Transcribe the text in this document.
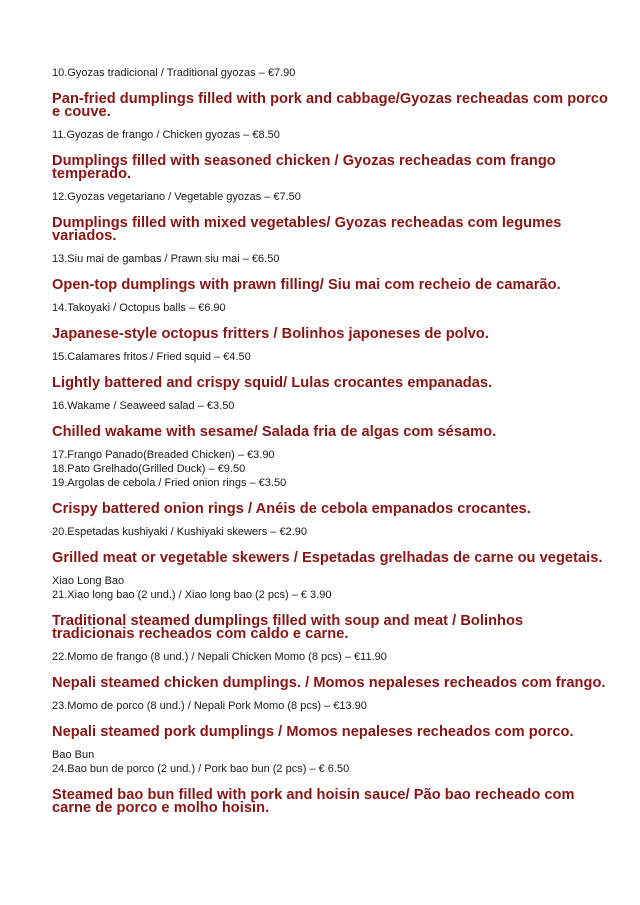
10.Gyozas tradicional / Traditional gyozas – €7.90

Pan-fried dumplings filled with pork and cabbage/Gyozas recheadas com porco e couve.

11.Gyozas de frango / Chicken gyozas – €8.50

Dumplings filled with seasoned chicken / Gyozas recheadas com frango temperado.

12.Gyozas vegetariano / Vegetable gyozas – €7.50

Dumplings filled with mixed vegetables/ Gyozas recheadas com legumes variados.

13.Siu mai de gambas / Prawn siu mai – €6.50

Open-top dumplings with prawn filling/ Siu mai com recheio de camarão.

14.Takoyaki / Octopus balls – €6.90

Japanese-style octopus fritters / Bolinhos japoneses de polvo.

15.Calamares fritos / Fried squid – €4.50

Lightly battered and crispy squid/ Lulas crocantes empanadas.

16.Wakame / Seaweed salad – €3.50

Chilled wakame with sesame/ Salada fria de algas com sésamo.

17.Frango Panado(Breaded Chicken) – €3.90

18.Pato Grelhado(Grilled Duck) – €9.50

19.Argolas de cebola / Fried onion rings – €3.50

Crispy battered onion rings / Anéis de cebola empanados crocantes.

20.Espetadas kushiyaki / Kushiyaki skewers – €2.90

Grilled meat or vegetable skewers / Espetadas grelhadas de carne ou vegetais.

Xiao Long Bao

21.Xiao long bao (2 und.) / Xiao long bao (2 pcs) – € 3.90

Traditional steamed dumplings filled with soup and meat / Bolinhos tradicionais recheados com caldo e carne.

22.Momo de frango (8 und.) / Nepali Chicken Momo (8 pcs) – €11.90

Nepali steamed chicken dumplings. / Momos nepaleses recheados com frango.

23.Momo de porco (8 und.) / Nepali Pork Momo (8 pcs) – €13.90

Nepali steamed pork dumplings / Momos nepaleses recheados com porco.

Bao Bun

24.Bao bun de porco (2 und.) / Pork bao bun (2 pcs) – € 6.50

Steamed bao bun filled with pork and hoisin sauce/ Pão bao recheado com carne de porco e molho hoisin.
